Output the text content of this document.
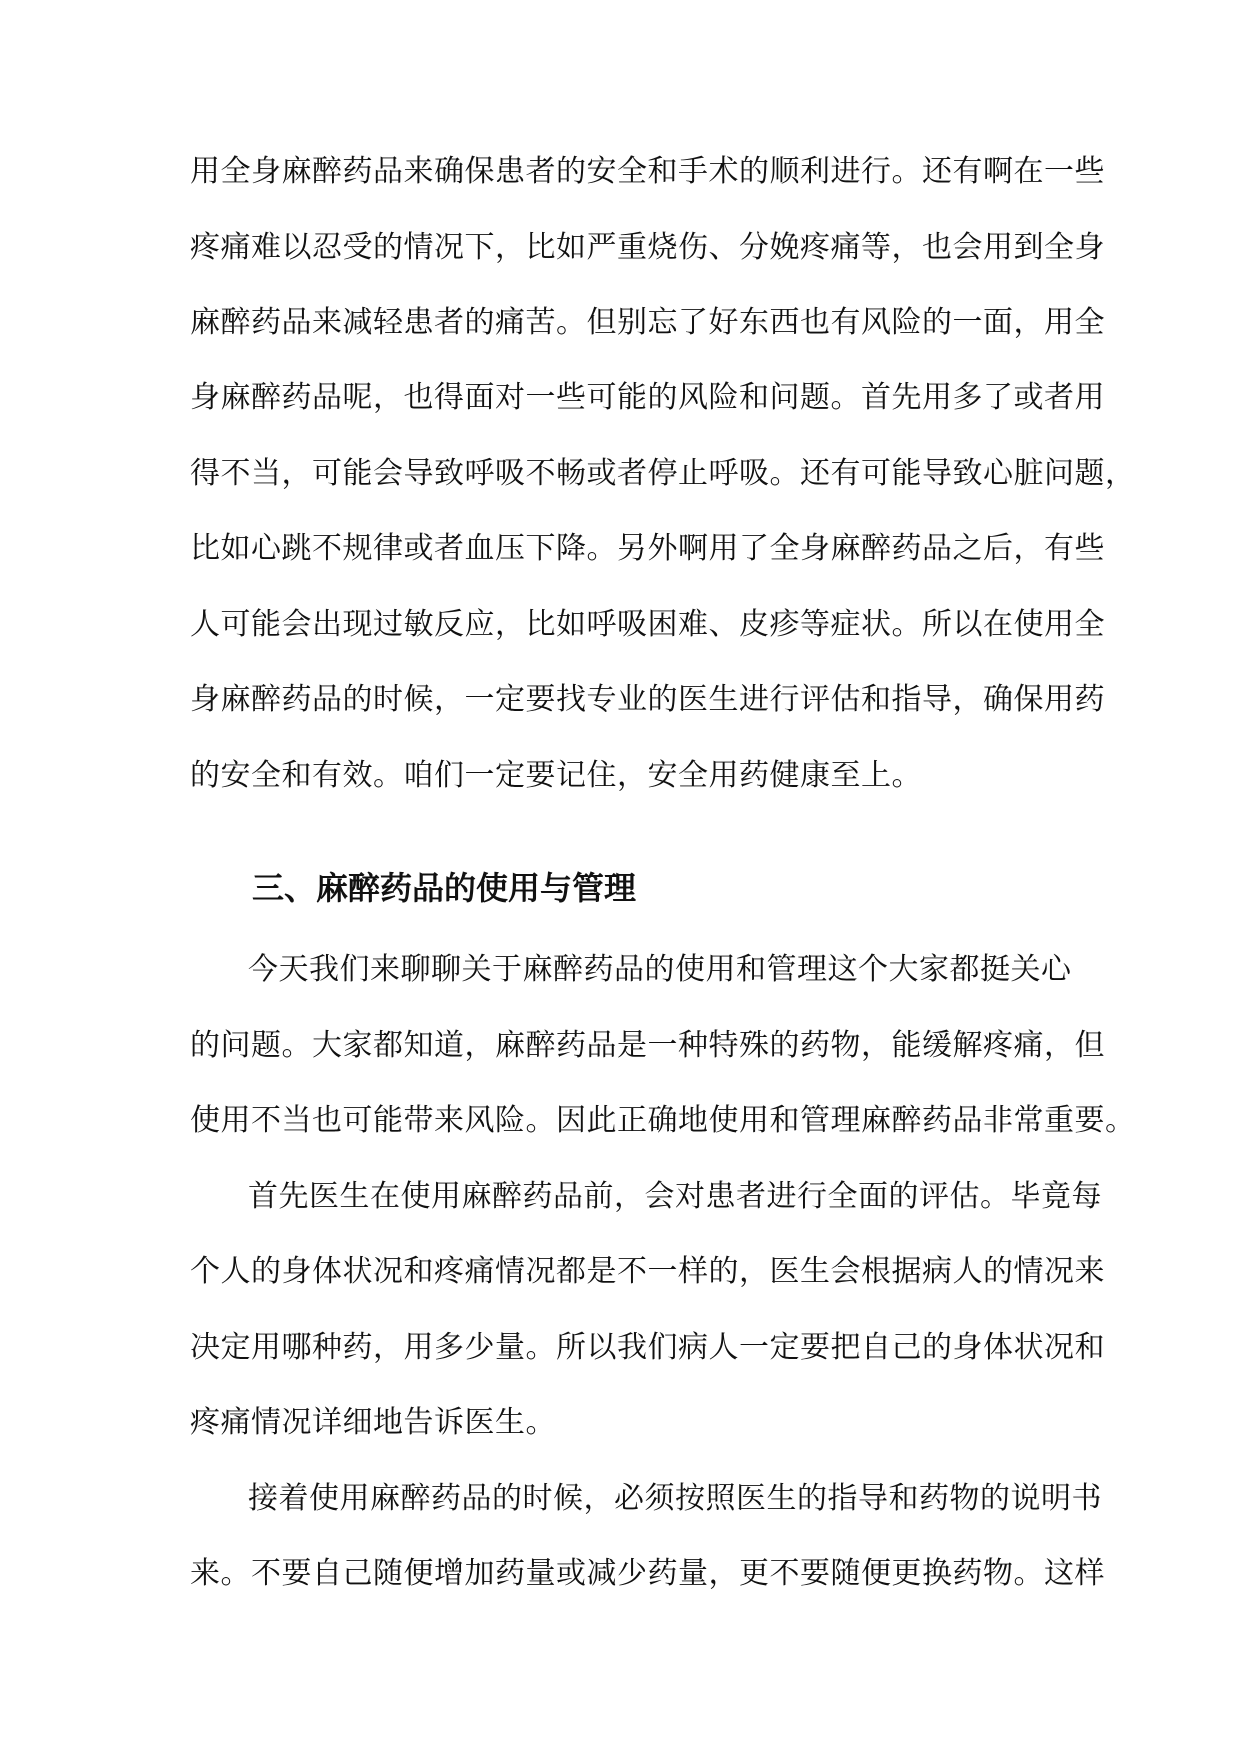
用全身麻醉药品来确保患者的安全和手术的顺利进行。还有啊在一些
疼痛难以忍受的情况下，比如严重烧伤、分娩疼痛等，也会用到全身
麻醉药品来减轻患者的痛苦。但别忘了好东西也有风险的一面，用全
身麻醉药品呢，也得面对一些可能的风险和问题。首先用多了或者用
得不当，可能会导致呼吸不畅或者停止呼吸。还有可能导致心脏问题，
比如心跳不规律或者血压下降。另外啊用了全身麻醉药品之后，有些
人可能会出现过敏反应，比如呼吸困难、皮疹等症状。所以在使用全
身麻醉药品的时候，一定要找专业的医生进行评估和指导，确保用药
的安全和有效。咱们一定要记住，安全用药健康至上。
三、麻醉药品的使用与管理
今天我们来聊聊关于麻醉药品的使用和管理这个大家都挺关心
的问题。大家都知道，麻醉药品是一种特殊的药物，能缓解疼痛，但
使用不当也可能带来风险。因此正确地使用和管理麻醉药品非常重要。
首先医生在使用麻醉药品前，会对患者进行全面的评估。毕竟每
个人的身体状况和疼痛情况都是不一样的，医生会根据病人的情况来
决定用哪种药，用多少量。所以我们病人一定要把自己的身体状况和
疼痛情况详细地告诉医生。
接着使用麻醉药品的时候，必须按照医生的指导和药物的说明书
来。不要自己随便增加药量或减少药量，更不要随便更换药物。这样
